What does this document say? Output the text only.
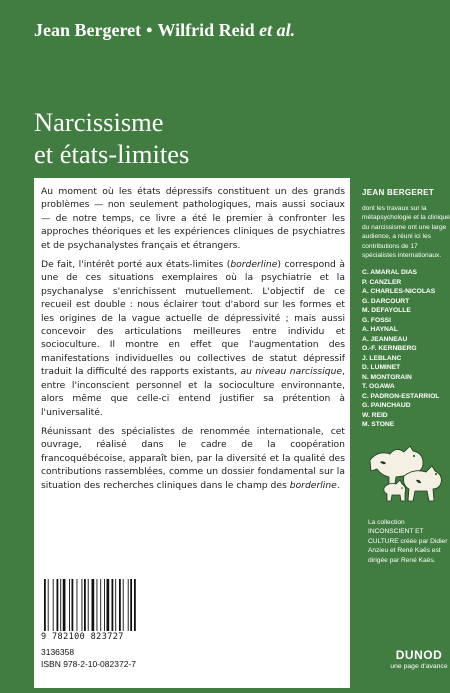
Jean Bergeret • Wilfrid Reid et al.
Narcissisme
et états-limites

Au moment où les états dépressifs constituent un des grands problèmes — non seulement pathologiques, mais aussi sociaux — de notre temps, ce livre a été le premier à confronter les approches théoriques et les expériences cliniques de psychiatres et de psychanalystes français et étrangers.

De fait, l'intérêt porté aux états-limites (borderline) correspond à une de ces situations exemplaires où la psychiatrie et la psychanalyse s'enrichissent mutuellement. L'objectif de ce recueil est double : nous éclairer tout d'abord sur les formes et les origines de la vague actuelle de dépressivité ; mais aussi concevoir des articulations meilleures entre individu et socioculture. Il montre en effet que l'augmentation des manifestations individuelles ou collectives de statut dépressif traduit la difficulté des rapports existants, au niveau narcissique, entre l'inconscient personnel et la socioculture environnante, alors même que celle-ci entend justifier sa prétention à l'universalité.

Réunissant des spécialistes de renommée internationale, cet ouvrage, réalisé dans le cadre de la coopération francoquébécoise, apparaît bien, par la diversité et la qualité des contributions rassemblées, comme un dossier fondamental sur la situation des recherches cliniques dans le champ des borderline.

9 782100 823727
3136358
ISBN 978-2-10-082372-7
JEAN BERGERET
dont les travaux sur la métapsychologie et la clinique du narcissisme ont une large audience, a réuni ici les contributions de 17 spécialistes internationaux.
C. AMARAL DIAS
P. CANZLER
A. CHARLES-NICOLAS
G. DARCOURT
M. DEFAYOLLE
G. FOSSI
A. HAYNAL
A. JEANNEAU
O.-F. KERNBERG
J. LEBLANC
D. LUMINET
N. MONTGRAIN
T. OGAWA
C. PADRON-ESTARRIOL
G. PAINCHAUD
W. REID
M. STONE
La collection INCONSCIENT ET CULTURE créée par Didier Anzieu et René Kaës est dirigée par René Kaës.
DUNOD
une page d'avance
